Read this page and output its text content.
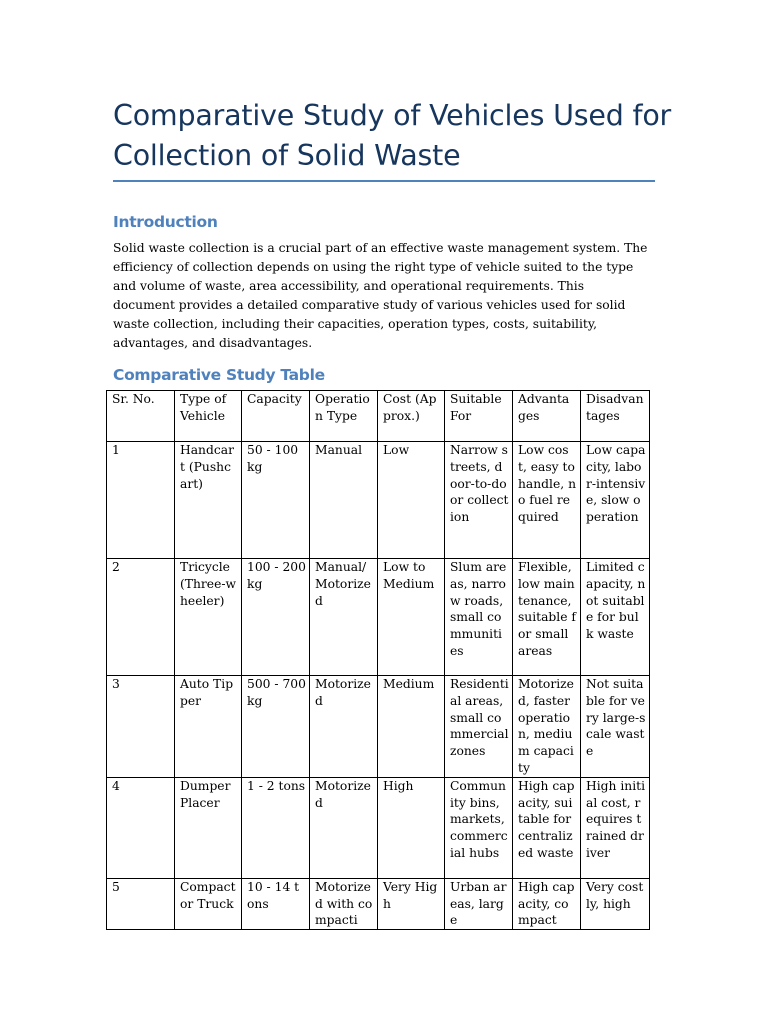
Comparative Study of Vehicles Used for Collection of Solid Waste
Introduction

Solid waste collection is a crucial part of an effective waste management system. The efficiency of collection depends on using the right type of vehicle suited to the type and volume of waste, area accessibility, and operational requirements. This document provides a detailed comparative study of various vehicles used for solid waste collection, including their capacities, operation types, costs, suitability, advantages, and disadvantages.

Comparative Study Table
Sr. No.	Type of Vehicle	Capacity	Operation Type	Cost (Approx.)	Suitable For	Advantages	Disadvantages
1	Handcart (Pushcart)	50 - 100 kg	Manual	Low	Narrow streets, door-to-door collection	Low cost, easy to handle, no fuel required	Low capacity, labor-intensive, slow operation
2	Tricycle (Three-wheeler)	100 - 200 kg	Manual/ Motorized	Low to Medium	Slum areas, narrow roads, small communities	Flexible, low maintenance, suitable for small areas	Limited capacity, not suitable for bulk waste
3	Auto Tipper	500 - 700 kg	Motorized	Medium	Residential areas, small commercial zones	Motorized, faster operation, medium capacity	Not suitable for very large-scale waste
4	Dumper Placer	1 - 2 tons	Motorized	High	Community bins, markets, commercial hubs	High capacity, suitable for centralized waste	High initial cost, requires trained driver
5	Compactor Truck	10 - 14 tons	Motorized with compacti	Very High	Urban areas, large	High capacity, compact	Very costly, high
